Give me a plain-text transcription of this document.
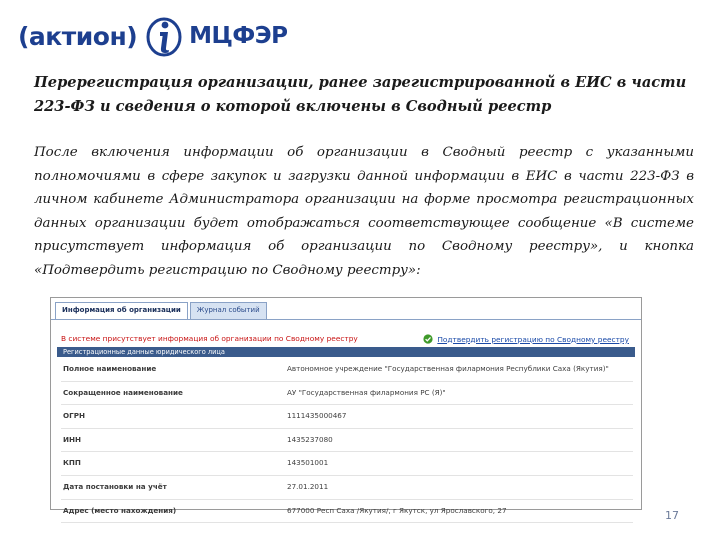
(актион) МЦФЭР

Перерегистрация организации, ранее зарегистрированной в ЕИС в части 223-ФЗ и сведения о которой включены в Сводный реестр

После включения информации об организации в Сводный реестр с указанными полномочиями в сфере закупок и загрузки данной информации в ЕИС в части 223-ФЗ в личном кабинете Администратора организации на форме просмотра регистрационных данных организации будет отображаться соответствующее сообщение «В системе присутствует информация об организации по Сводному реестру», и кнопка «Подтвердить регистрацию по Сводному реестру»:

Информация об организации	Журнал событий
В системе присутствует информация об организации по Сводному реестру	Подтвердить регистрацию по Сводному реестру
Регистрационные данные юридического лица
Полное наименование	Автономное учреждение "Государственная филармония Республики Саха (Якутия)"
Сокращенное наименование	АУ "Государственная филармония РС (Я)"
ОГРН	1111435000467
ИНН	1435237080
КПП	143501001
Дата постановки на учёт	27.01.2011
Адрес (место нахождения)	677000 Респ Саха /Якутия/, г Якутск, ул Ярославского, 27	17
